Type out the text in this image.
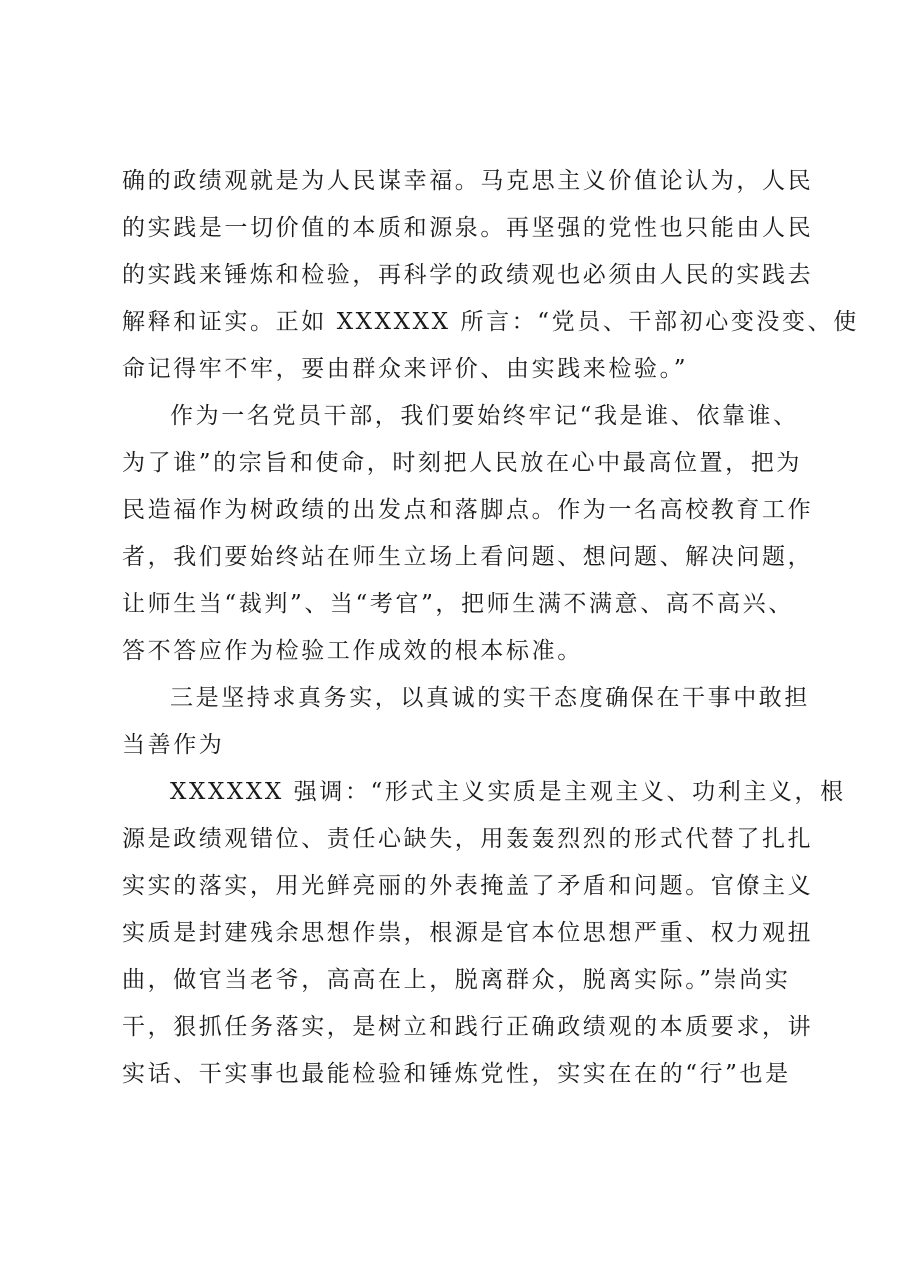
确的政绩观就是为人民谋幸福。马克思主义价值论认为，人民
的实践是一切价值的本质和源泉。再坚强的党性也只能由人民
的实践来锤炼和检验，再科学的政绩观也必须由人民的实践去
解释和证实。正如 XXXXXX 所言：“党员、干部初心变没变、使
命记得牢不牢，要由群众来评价、由实践来检验。”
作为一名党员干部，我们要始终牢记“我是谁、依靠谁、
为了谁”的宗旨和使命，时刻把人民放在心中最高位置，把为
民造福作为树政绩的出发点和落脚点。作为一名高校教育工作
者，我们要始终站在师生立场上看问题、想问题、解决问题，
让师生当“裁判”、当“考官”，把师生满不满意、高不高兴、
答不答应作为检验工作成效的根本标准。
三是坚持求真务实，以真诚的实干态度确保在干事中敢担
当善作为
XXXXXX 强调：“形式主义实质是主观主义、功利主义，根
源是政绩观错位、责任心缺失，用轰轰烈烈的形式代替了扎扎
实实的落实，用光鲜亮丽的外表掩盖了矛盾和问题。官僚主义
实质是封建残余思想作祟，根源是官本位思想严重、权力观扭
曲，做官当老爷，高高在上，脱离群众，脱离实际。”崇尚实
干，狠抓任务落实，是树立和践行正确政绩观的本质要求，讲
实话、干实事也最能检验和锤炼党性，实实在在的“行”也是
